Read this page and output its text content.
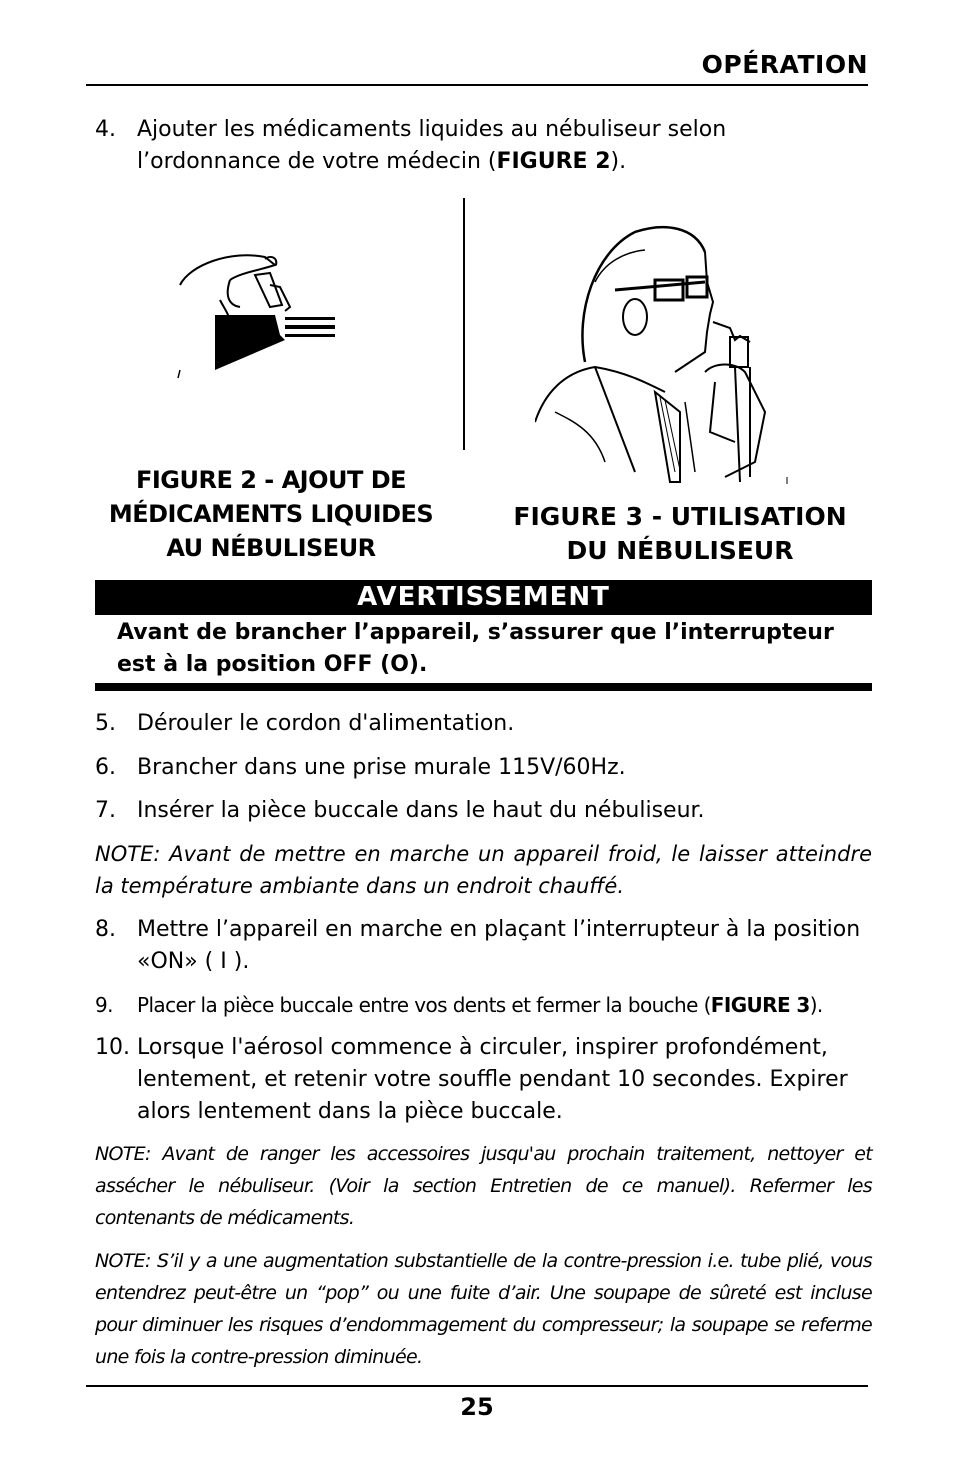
OPÉRATION
4. Ajouter les médicaments liquides au nébuliseur selon l’ordonnance de votre médecin (FIGURE 2).
FIGURE 2 - AJOUT DE
MÉDICAMENTS LIQUIDES
AU NÉBULISEUR
FIGURE 3 - UTILISATION
DU NÉBULISEUR
AVERTISSEMENT
Avant de brancher l’appareil, s’assurer que l’interrupteur est à la position OFF (O).
5. Dérouler le cordon d'alimentation.
6. Brancher dans une prise murale 115V/60Hz.
7. Insérer la pièce buccale dans le haut du nébuliseur.
NOTE: Avant de mettre en marche un appareil froid, le laisser atteindre la température ambiante dans un endroit chauffé.
8. Mettre l’appareil en marche en plaçant l’interrupteur à la position «ON» ( I ).
9. Placer la pièce buccale entre vos dents et fermer la bouche (FIGURE 3).
10. Lorsque l'aérosol commence à circuler, inspirer profondément, lentement, et retenir votre souffle pendant 10 secondes. Expirer alors lentement dans la pièce buccale.
NOTE: Avant de ranger les accessoires jusqu'au prochain traitement, nettoyer et assécher le nébuliseur. (Voir la section Entretien de ce manuel). Refermer les contenants de médicaments.
NOTE: S’il y a une augmentation substantielle de la contre-pression i.e. tube plié, vous entendrez peut-être un “pop” ou une fuite d’air. Une soupape de sûreté est incluse pour diminuer les risques d’endommagement du compresseur; la soupape se referme une fois la contre-pression diminuée.
25
